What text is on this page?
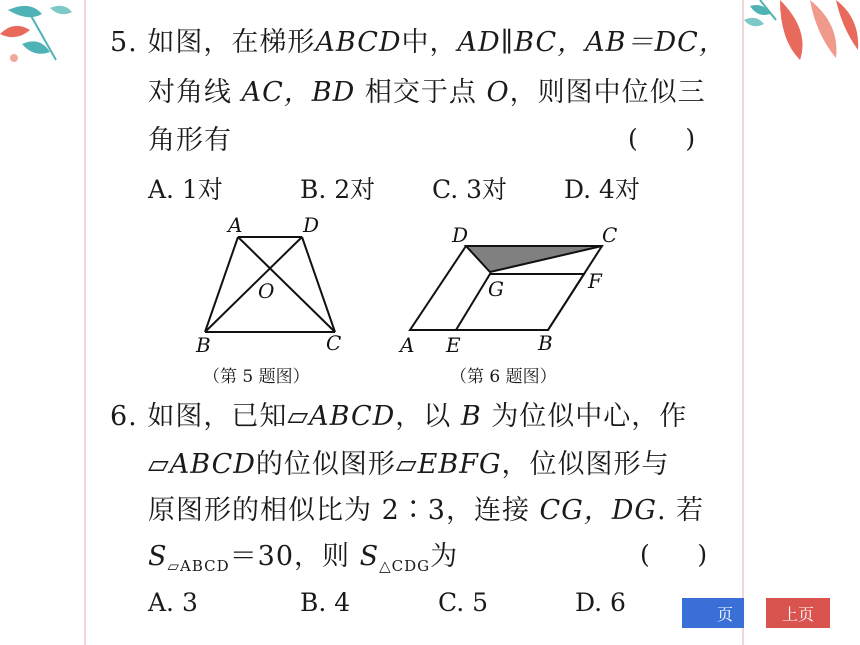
5. 如图，在梯形ABCD中，AD∥BC，AB＝DC，
对角线 AC，BD 相交于点 O，则图中位似三
角形有	(      )
A. 1对	B. 2对 C. 3对 D. 4对
A	D
O
B	C
（第 5 题图）
D	C
G	F
A E	B
（第 6 题图）
6. 如图，已知▱ABCD，以 B 为位似中心，作
▱ABCD的位似图形▱EBFG，位似图形与
原图形的相似比为 2∶3，连接 CG，DG. 若
$S_{▱ABCD}=30$，则 $S_{\triangle CDG}$为	(      )
A. 3	B. 4	C. 5	D. 6	页	上页
